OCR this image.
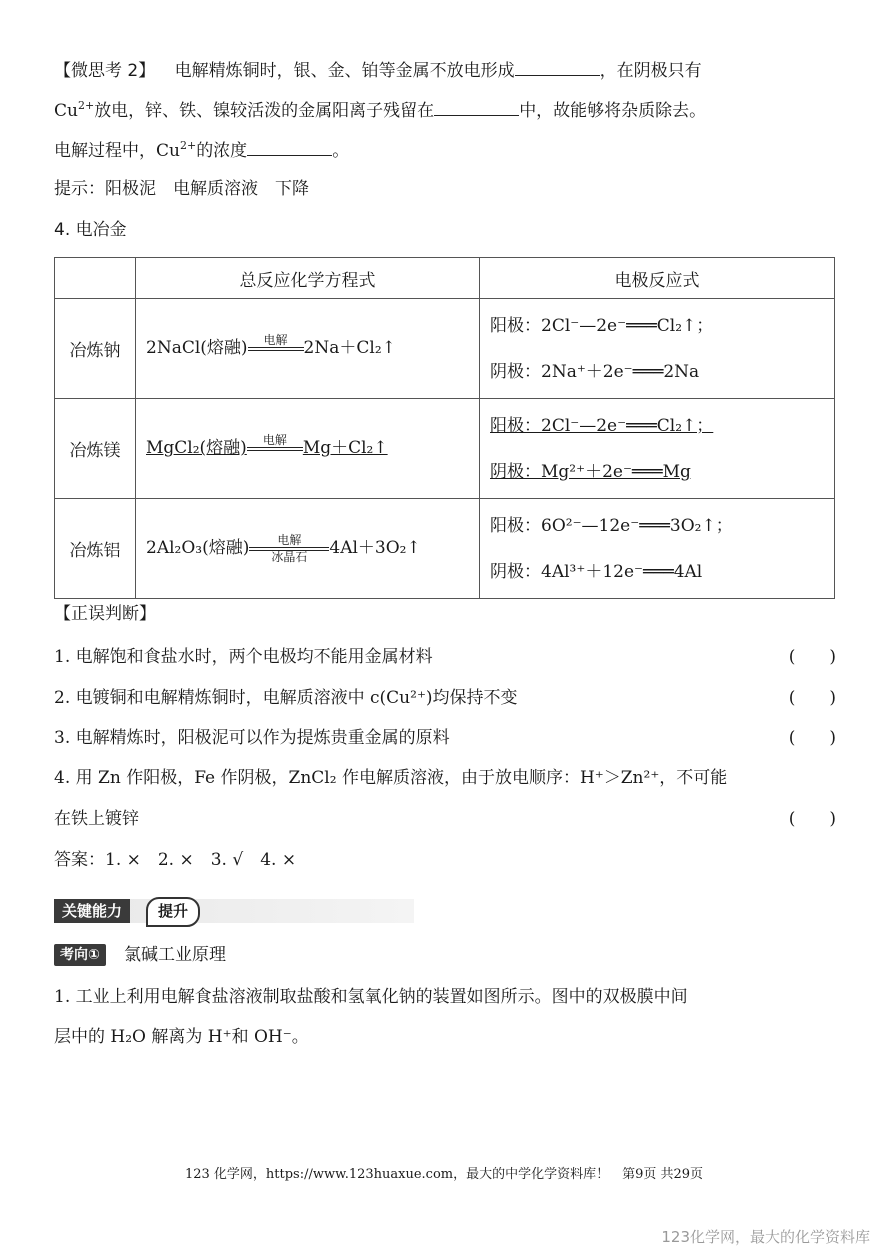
【微思考 2】 电解精炼铜时，银、金、铂等金属不放电形成	，在阴极只有
$Cu^{2+}$放电，锌、铁、镍较活泼的金属阳离子残留在	中，故能够将杂质除去。
电解过程中，$Cu^{2+}$的浓度	。
提示：阳极泥　电解质溶液　下降
4. 电冶金
	总反应化学方程式	电极反应式
冶炼钠	2NaCl(熔融) 电解 2Na＋Cl₂↑	阳极：2Cl⁻—2e⁻═══Cl₂↑；
阴极：2Na⁺＋2e⁻═══2Na

冶炼镁	MgCl₂(熔融) 电解 Mg＋Cl₂↑	阳极：2Cl⁻—2e⁻═══Cl₂↑；
阴极：Mg²⁺＋2e⁻═══Mg

冶炼铝	2Al₂O₃(熔融) 电解
冰晶石 4Al＋3O₂↑	阳极：6O²⁻—12e⁻═══3O₂↑；
阴极：4Al³⁺＋12e⁻═══4Al
【正误判断】
1. 电解饱和食盐水时，两个电极均不能用金属材料	(　　)
2. 电镀铜和电解精炼铜时，电解质溶液中 c(Cu²⁺)均保持不变	(　　)
3. 电解精炼时，阳极泥可以作为提炼贵重金属的原料	(　　)
4. 用 Zn 作阳极，Fe 作阴极，ZnCl₂ 作电解质溶液，由于放电顺序：H⁺＞Zn²⁺，不可能
在铁上镀锌	(　　)
答案：1. ×　2. ×　3. √　4. ×
关键能力	提升
考向①	氯碱工业原理
1. 工业上利用电解食盐溶液制取盐酸和氢氧化钠的装置如图所示。图中的双极膜中间
层中的 H₂O 解离为 H⁺和 OH⁻。
123 化学网，https://www.123huaxue.com，最大的中学化学资料库！　第9页 共29页
123化学网，最大的化学资料库
